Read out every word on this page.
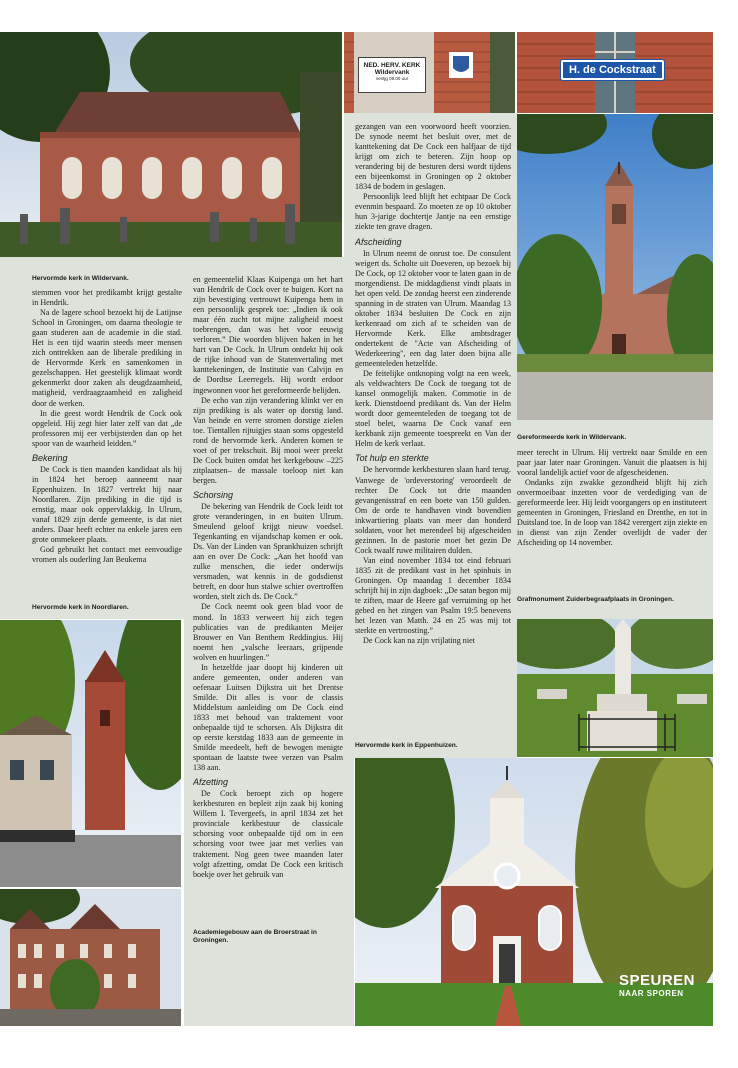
NED. HERV. KERK
Wildervank
ventjg 09.00 uur
H. de Cockstraat
SPEUREN
NAAR SPOREN
Hervormde kerk in Wildervank.
Hervormde kerk in Noordlaren.
Academiegebouw aan de Broerstraat in Groningen.
Gereformeerde kerk in Wildervank.
Grafmonument Zuiderbegraafplaats in Groningen.
Hervormde kerk in Eppenhuizen.

stemmen voor het predikambt krijgt gestalte in Hendrik.

Na de lagere school bezoekt hij de Latijnse School in Groningen, om daarna theologie te gaan studeren aan de academie in die stad. Het is een tijd waarin steeds meer mensen zich onttrekken aan de liberale prediking in de Hervormde Kerk en samenkomen in gezelschappen. Het geestelijk klimaat wordt gekenmerkt door zaken als deugdzaamheid, matigheid, verdraagzaamheid en zaligheid door de werken.

In die geest wordt Hendrik de Cock ook opgeleid. Hij zegt hier later zelf van dat „de professoren mij eer verbijsterden dan op het spoor van de waarheid leidden.”

Bekering

De Cock is tien maanden kandidaat als hij in 1824 het beroep aanneemt naar Eppenhuizen. In 1827 vertrekt hij naar Noordlaren. Zijn prediking in die tijd is ernstig, maar ook oppervlakkig. In Ulrum, vanaf 1829 zijn derde gemeente, is dat niet anders. Daar heeft echter na enkele jaren een grote ommekeer plaats.

God gebruikt het contact met eenvoudige vromen als ouderling Jan Beukema

en gemeentelid Klaas Kuipenga om het hart van Hendrik de Cock over te buigen. Kort na zijn bevestiging vertrouwt Kuipenga hem in een persoonlijk gesprek toe: „Indien ik ook maar één zucht tot mijne zaligheid moest toebrengen, dan was het voor eeuwig verloren.” Die woorden blijven haken in het hart van De Cock. In Ulrum ontdekt hij ook de rijke inhoud van de Statenvertaling met kanttekeningen, de Institutie van Calvijn en de Dordtse Leerregels. Hij wordt erdoor ingewonnen voor het gereformeerde belijden.

De echo van zijn verandering klinkt ver en zijn prediking is als water op dorstig land. Van heinde en verre stromen dorstige zielen toe. Tientallen rijtuigjes staan soms opgesteld rond de hervormde kerk. Anderen komen te voet of per trekschuit. Bij mooi weer preekt De Cock buiten omdat het kerkgebouw –225 zitplaatsen– de massale toeloop niet kan bergen.

Schorsing

De bekering van Hendrik de Cock leidt tot grote veranderingen, in en buiten Ulrum. Smeulend geloof krijgt nieuw voedsel. Tegenkanting en vijandschap komen er ook. Ds. Van der Linden van Sprankhuizen schrijft aan en over De Cock: „Aan het hoofd van zulke menschen, die ieder onderwijs versmaden, wat kennis in de godsdienst betreft, en door hun stalwe schier overtroffen worden, stelt zich ds. De Cock.”

De Cock neemt ook geen blad voor de mond. In 1833 verweert hij zich tegen publicaties van de predikanten Meijer Brouwer en Van Benthem Reddingius. Hij noemt hen „valsche leeraars, grijpende wolven en huurlingen.”

In hetzelfde jaar doopt hij kinderen uit andere gemeenten, onder anderen van oefenaar Luitsen Dijkstra uit het Drentse Smilde. Dit alles is voor de classis Middelstum aanleiding om De Cock eind 1833 met behoud van traktement voor onbepaalde tijd te schorsen. Als Dijkstra dit op eerste kerstdag 1833 aan de gemeente in Smilde meedeelt, heft de bewogen menigte spontaan de laatste twee verzen van Psalm 138 aan.

Afzetting

De Cock beroept zich op hogere kerkbesturen en bepleit zijn zaak bij koning Willem I. Tevergeefs, in april 1834 zet het provinciale kerkbestuur de classicale schorsing voor onbepaalde tijd om in een schorsing voor twee jaar met verlies van traktement. Nog geen twee maanden later volgt afzetting, omdat De Cock een kritisch boekje over het gebruik van

gezangen van een voorwoord heeft voorzien. De synode neemt het besluit over, met de kanttekening dat De Cock een halfjaar de tijd krijgt om zich te beteren. Zijn hoop op verandering bij de besturen dersi wordt tijdens een bijeenkomst in Groningen op 2 oktober 1834 de bodem in geslagen.

Persoonlijk leed blijft het echtpaar De Cock evenmin bespaard. Zo moeten ze op 10 oktober hun 3-jarige dochtertje Jantje na een ernstige ziekte ten grave dragen.

Afscheiding

In Ulrum neemt de onrust toe. De consulent weigert ds. Scholte uit Doeveren, op bezoek bij De Cock, op 12 oktober voor te laten gaan in de morgendienst. De middagdienst vindt plaats in het open veld. De zondag heerst een zinderende spanning in de straten van Ulrum. Maandag 13 oktober 1834 besluiten De Cock en zijn kerkenraad om zich af te scheiden van de Hervormde Kerk. Elke ambtsdrager ondertekent de "Acte van Afscheiding of Wederkeering", een dag later doen bijna alle gemeenteleden hetzelfde.

De feitelijke ontknoping volgt na een week, als veldwachters De Cock de toegang tot de kansel onmogelijk maken. Commotie in de kerk. Dienstdoend predikant ds. Van der Helm wordt door gemeenteleden de toegang tot de stoel belet, waarna De Cock vanaf een kerkbank zijn gemeente toespreekt en Van der Helm de kerk verlaat.

Tot hulp en sterkte

De hervormde kerkbesturen slaan hard terug. Vanwege de 'ordeverstoring' veroordeelt de rechter De Cock tot drie maanden gevangenisstraf en een boete van 150 gulden. Om de orde te handhaven vindt bovendien inkwartiering plaats van meer dan honderd soldaten, voor het merendeel bij afgescheiden gezinnen. In de pastorie moet het gezin De Cock twaalf ruwe militairen dulden.

Van eind november 1834 tot eind februari 1835 zit de predikant vast in het spinhuis in Groningen. Op maandag 1 december 1834 schrijft hij in zijn dagboek: „De satan begon mij te ziften, maar de Heere gaf verruiming op het gebed en het zingen van Psalm 19:5 benevens het lezen van Matth. 24 en 25 was mij tot sterkte en vertroosting.”

De Cock kan na zijn vrijlating niet

meer terecht in Ulrum. Hij vertrekt naar Smilde en een paar jaar later naar Groningen. Vanuit die plaatsen is hij vooral landelijk actief voor de afgescheidenen.

Ondanks zijn zwakke gezondheid blijft hij zich onvermoeibaar inzetten voor de verdediging van de gereformeerde leer. Hij leidt voorgangers op en instituteert gemeenten in Groningen, Friesland en Drenthe, en tot in Duitsland toe. In de loop van 1842 verergert zijn ziekte en in dienst van zijn Zender overlijdt de vader der Afscheiding op 14 november.
